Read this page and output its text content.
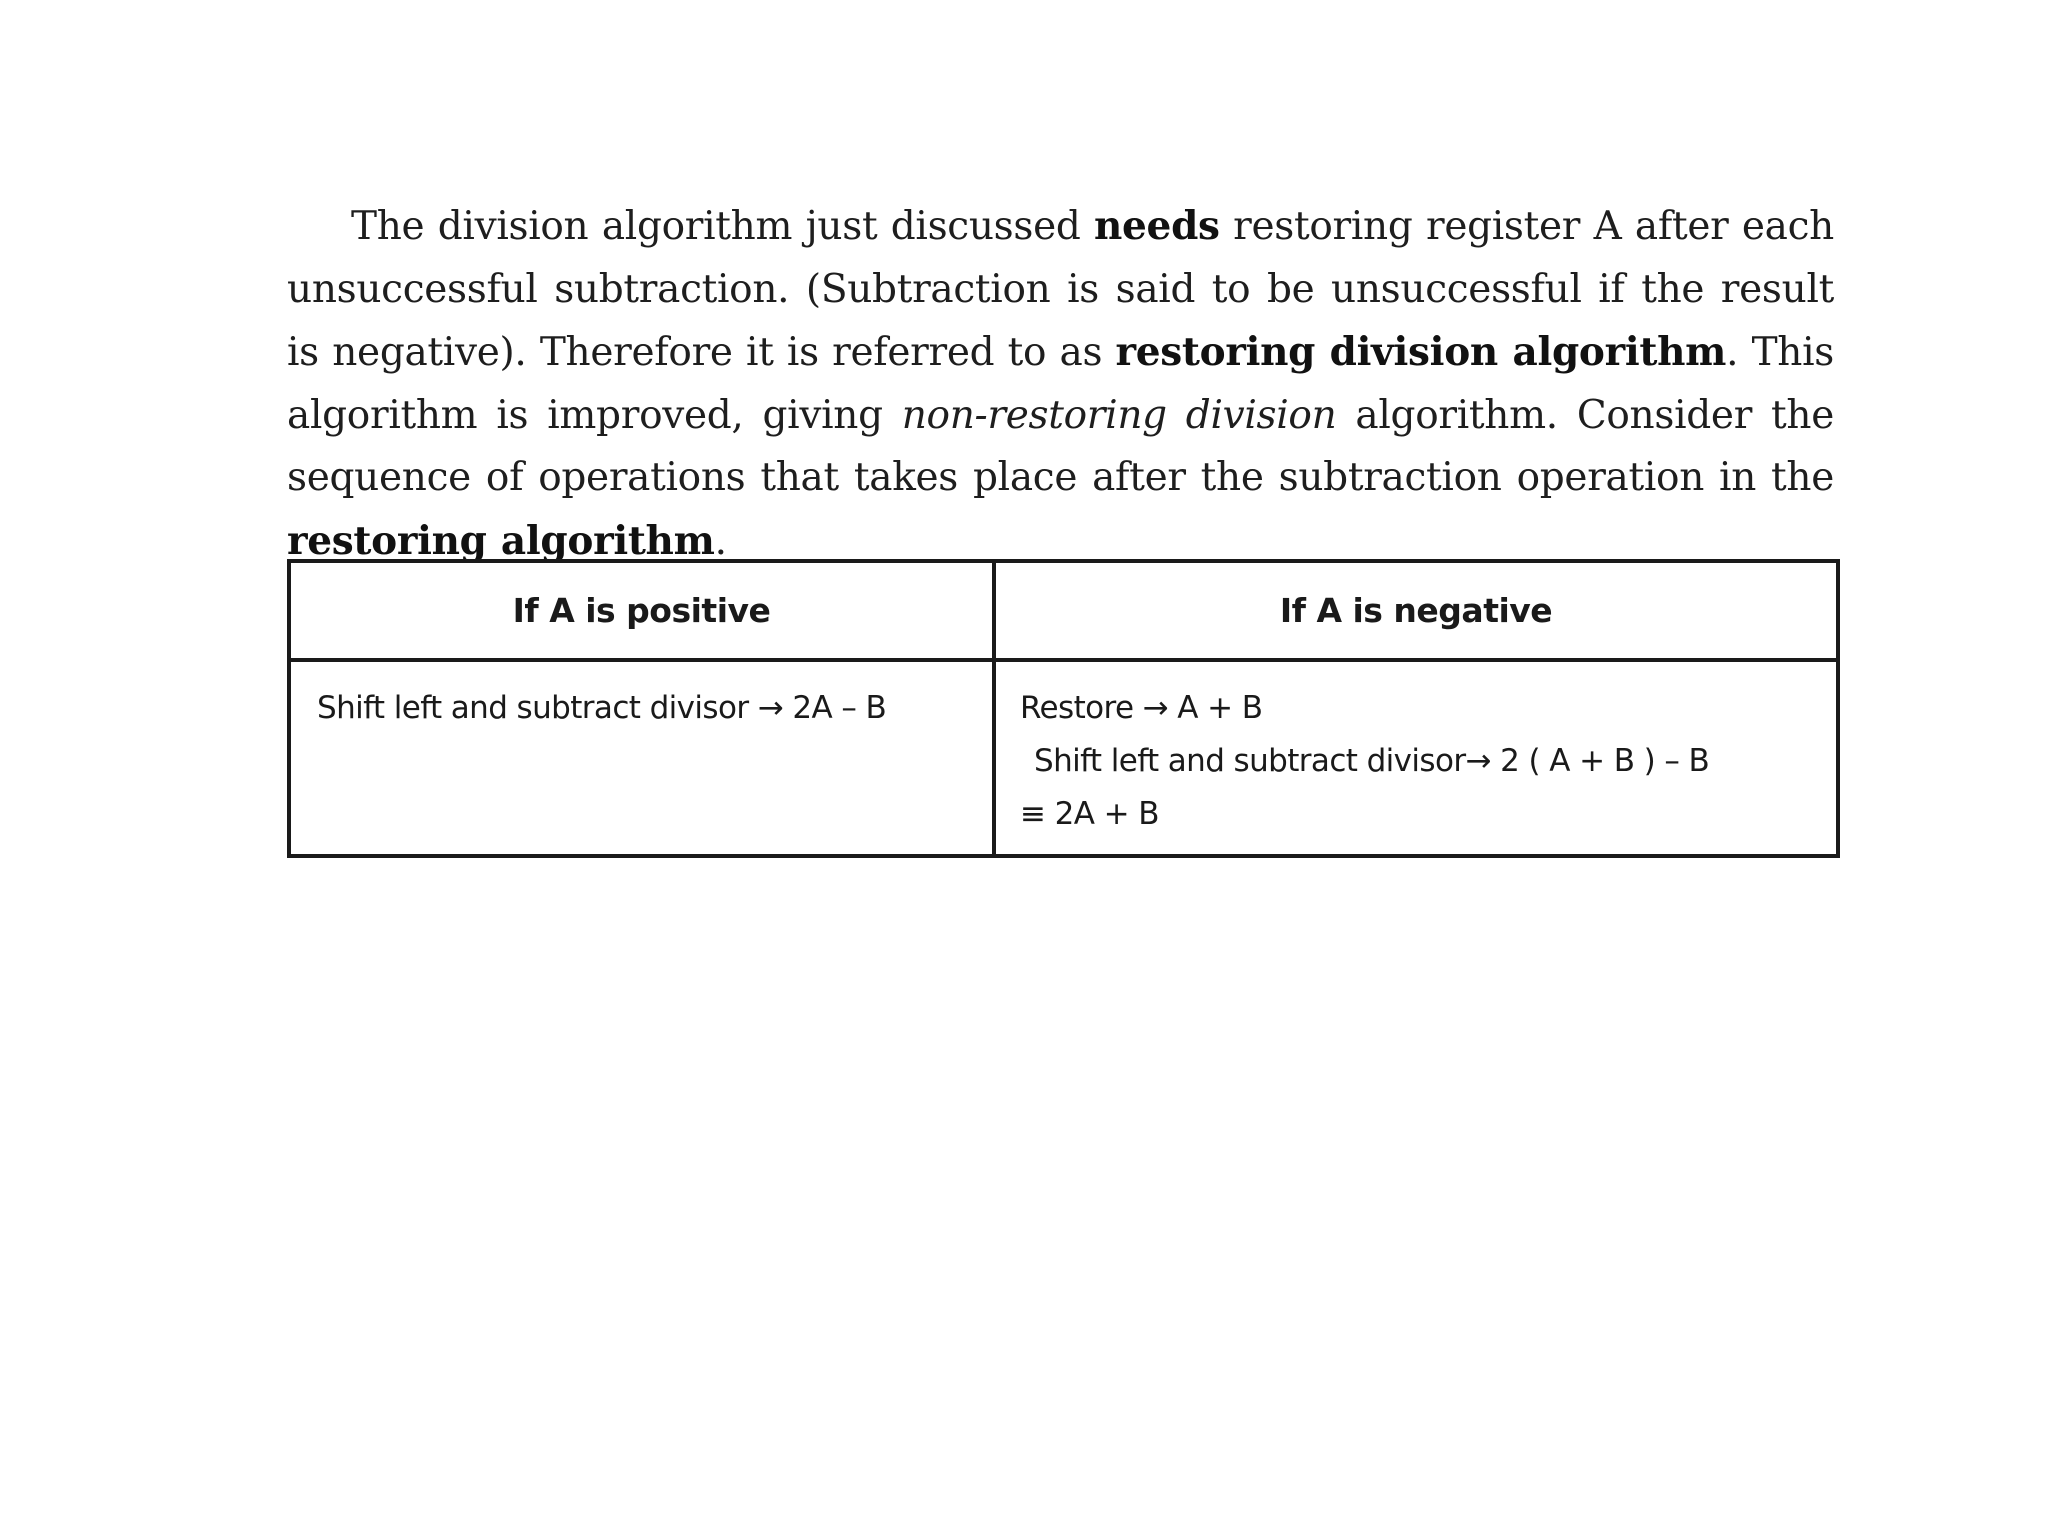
The division algorithm just discussed needs restoring register A after each unsuccessful subtraction. (Subtraction is said to be unsuccessful if the result is negative). Therefore it is referred to as restoring division algorithm. This algorithm is improved, giving non-restoring division algorithm. Consider the sequence of operations that takes place after the subtraction operation in the restoring algorithm.

If A is positive	If A is negative

Shift left and subtract divisor → 2A – B	Restore → A + B
Shift left and subtract divisor→ 2 ( A + B ) – B
≡ 2A + B
